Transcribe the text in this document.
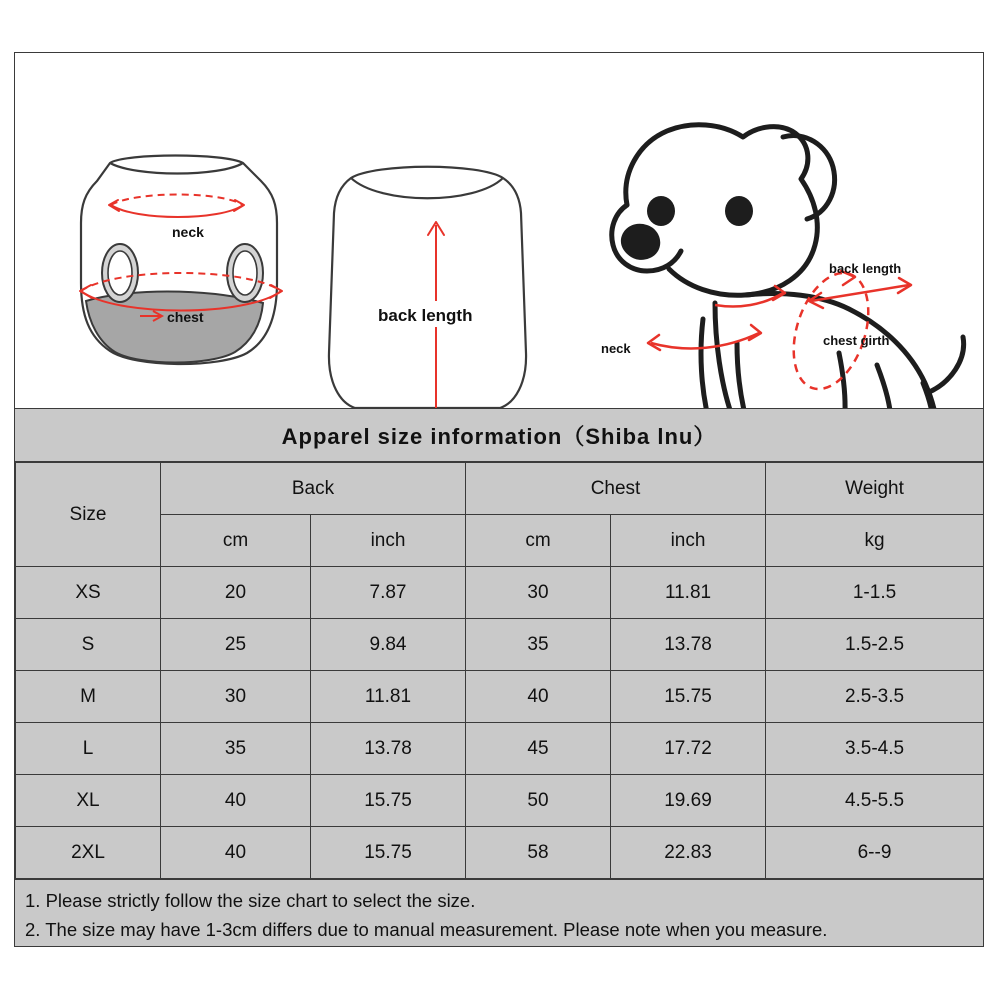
neck
chest	back length
chest girth
neck
back length
Apparel size information（Shiba lnu）
Size	Back		Chest		Weight
	cm	inch	cm	inch	kg
XS	20	7.87	30	11.81	1-1.5
S	25	9.84	35	13.78	1.5-2.5
M	30	11.81	40	15.75	2.5-3.5
L	35	13.78	45	17.72	3.5-4.5
XL	40	15.75	50	19.69	4.5-5.5
2XL	40	15.75	58	22.83	6--9

1. Please strictly follow the size chart to select the size.

2. The size may have 1-3cm differs due to manual measurement. Please note when you measure.
